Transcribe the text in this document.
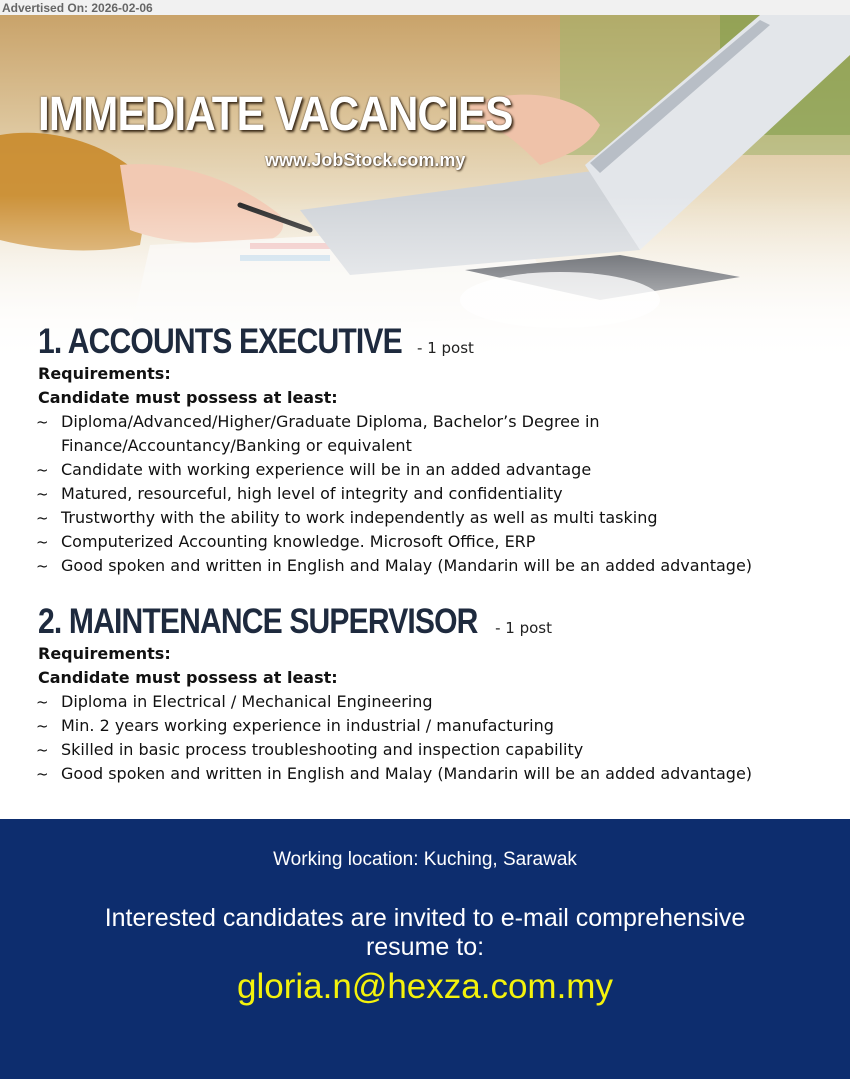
Advertised On: 2026-02-06
IMMEDIATE VACANCIES
www.JobStock.com.my
1. ACCOUNTS EXECUTIVE - 1 post
Requirements:
Candidate must possess at least:
~ Diploma/Advanced/Higher/Graduate Diploma, Bachelor’s Degree in Finance/Accountancy/Banking or equivalent
~ Candidate with working experience will be in an added advantage
~ Matured, resourceful, high level of integrity and confidentiality
~ Trustworthy with the ability to work independently as well as multi tasking
~ Computerized Accounting knowledge. Microsoft Office, ERP
~ Good spoken and written in English and Malay (Mandarin will be an added advantage)
2. MAINTENANCE SUPERVISOR - 1 post
Requirements:
Candidate must possess at least:
~ Diploma in Electrical / Mechanical Engineering
~ Min. 2 years working experience in industrial / manufacturing
~ Skilled in basic process troubleshooting and inspection capability
~ Good spoken and written in English and Malay (Mandarin will be an added advantage)
Working location: Kuching, Sarawak
Interested candidates are invited to e-mail comprehensive resume to:
gloria.n@hexza.com.my
